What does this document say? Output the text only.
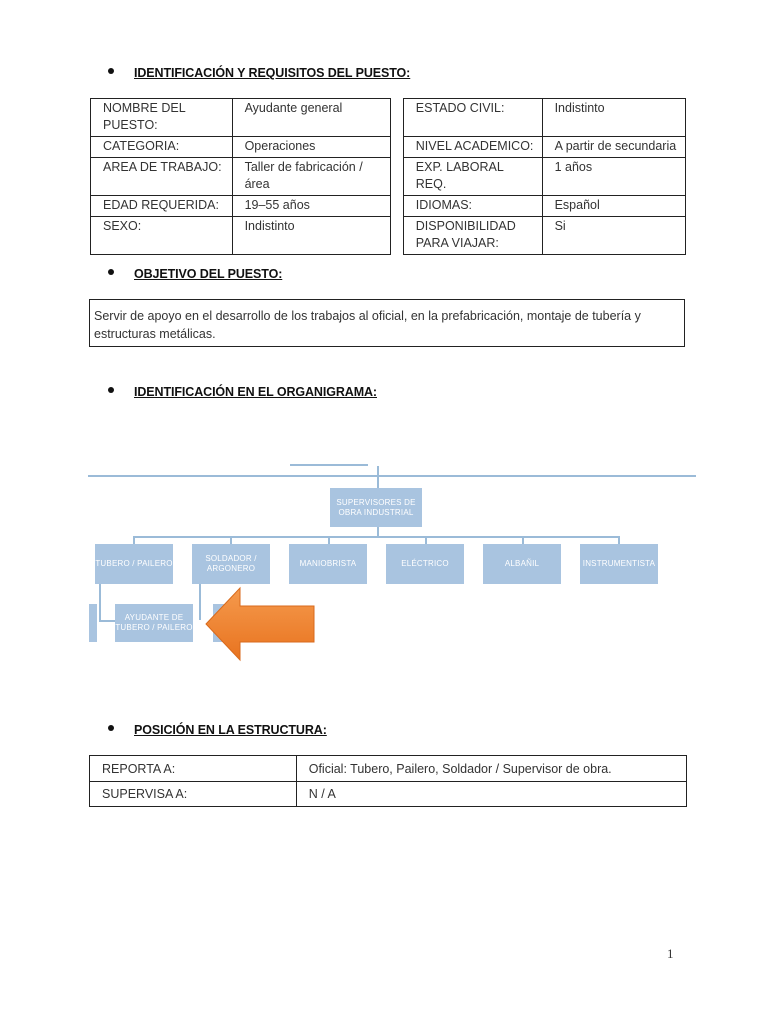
IDENTIFICACIÓN Y REQUISITOS DEL PUESTO:
NOMBRE DEL PUESTO:	Ayudante general		ESTADO CIVIL:	Indistinto
CATEGORIA:	Operaciones		NIVEL ACADEMICO:	A partir de secundaria
AREA DE TRABAJO:	Taller de fabricación /área		EXP. LABORAL REQ.	1 años
EDAD REQUERIDA:	19–55 años		IDIOMAS:	Español
SEXO:	Indistinto		DISPONIBILIDAD PARA VIAJAR:	Si
OBJETIVO DEL PUESTO:
Servir de apoyo en el desarrollo de los trabajos al oficial, en la prefabricación, montaje de tubería y estructuras metálicas.
IDENTIFICACIÓN EN EL ORGANIGRAMA:
SUPERVISORES DE OBRA INDUSTRIAL
TUBERO / PAILERO
SOLDADOR / ARGONERO
MANIOBRISTA	ELÉCTRICO	ALBAÑIL	INSTRUMENTISTA
AYUDANTE DE TUBERO / PAILERO
POSICIÓN EN LA ESTRUCTURA:
REPORTA A:	Oficial: Tubero, Pailero, Soldador / Supervisor de obra.
SUPERVISA A:	N / A
1
